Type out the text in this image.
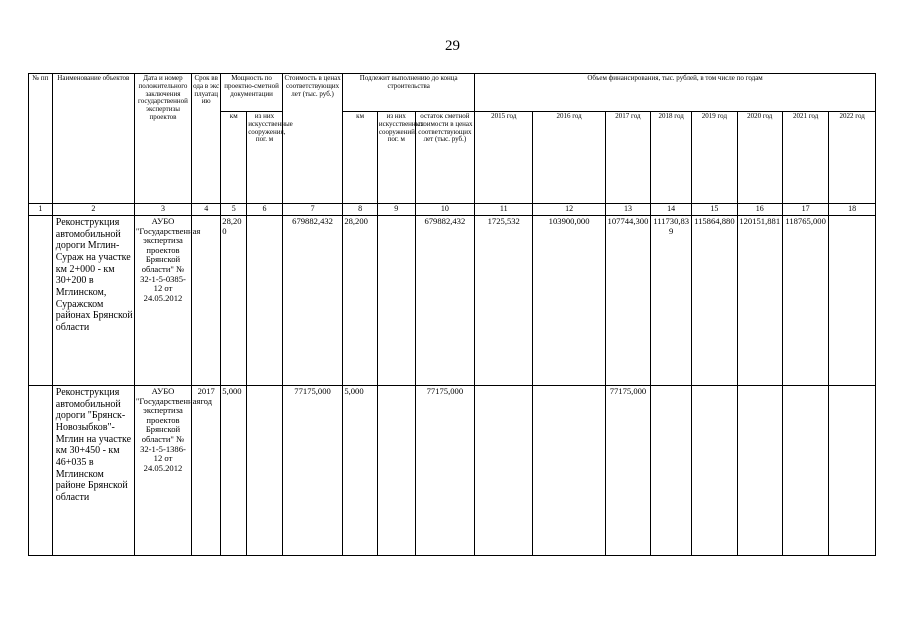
29
№ пп	Наименование объектов	Дата и номер положительного заключения государственной экспертизы проектов	Срок ввода в эксплуатацию	Мощность по проектно-сметной документации		Стоимость в ценах соответствующих лет (тыс. руб.)	Подлежит выполнению до конца строительства			Объем финансирования, тыс. рублей, в том числе по годам							
				км	из них искусственные сооружения, пог. м		км	из них искусственных сооружений, пог. м	остаток сметной стоимости в ценах соответствующих лет (тыс. руб.)	2015 год	2016 год	2017 год	2018 год	2019 год	2020 год	2021 год	2022 год
1	2	3	4	5	6	7	8	9	10	11	12	13	14	15	16	17	18
	Реконструкция автомобильной дороги Мглин-Сураж на участке км 2+000 - км 30+200 в Мглинском, Суражском районах Брянской области	АУБО "Государственная экспертиза проектов Брянской области" № 32-1-5-0385-12 от 24.05.2012		28,200		679882,432	28,200		679882,432	1725,532	103900,000	107744,300	111730,839	115864,880	120151,881	118765,000	
	Реконструкция автомобильной дороги "Брянск-Новозыбков"-Мглин на участке км 30+450 - км 46+035 в Мглинском районе Брянской области	АУБО "Государственная экспертиза проектов Брянской области" № 32-1-5-1386-12 от 24.05.2012	2017 год	5,000		77175,000	5,000		77175,000			77175,000					
